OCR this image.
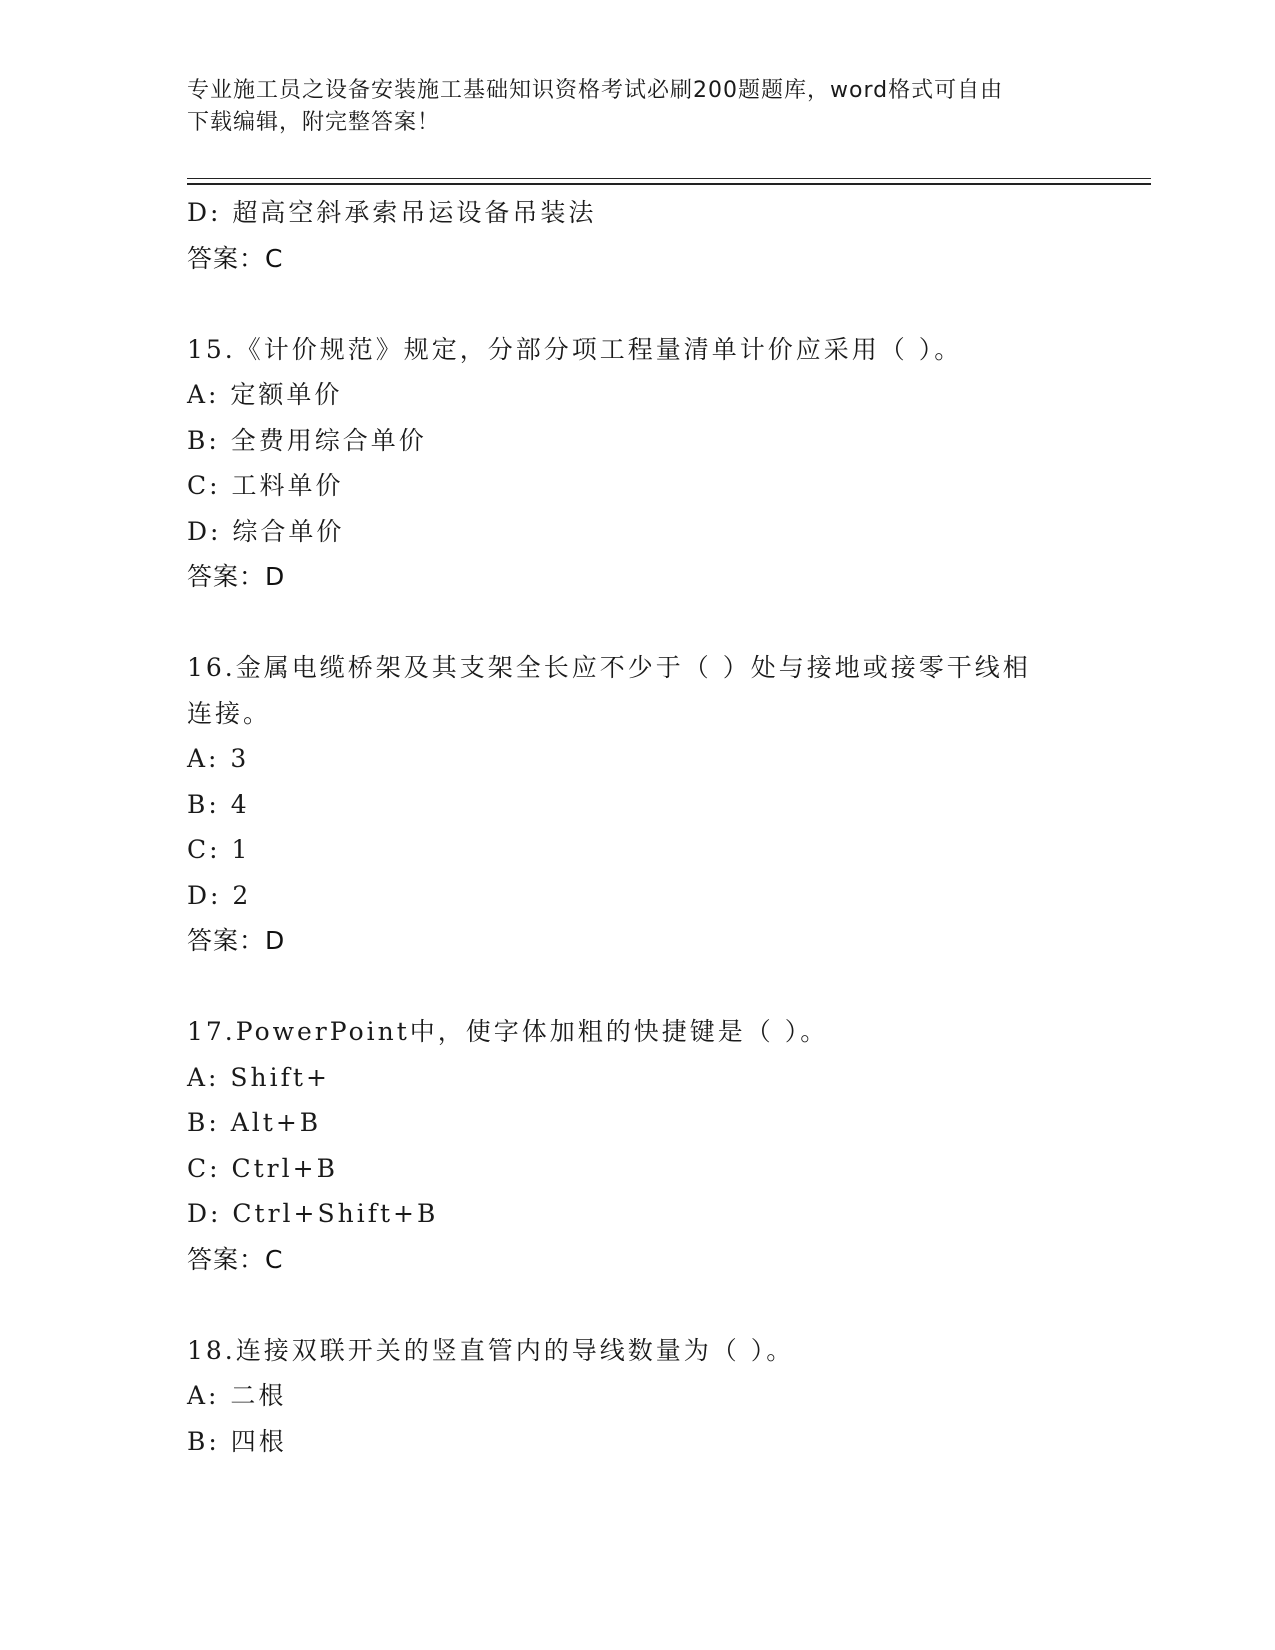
专业施工员之设备安装施工基础知识资格考试必刷200题题库，word格式可自由
下载编辑，附完整答案！
D: 超高空斜承索吊运设备吊装法
答案：C
15.《计价规范》规定，分部分项工程量清单计价应采用（ ）。
A: 定额单价
B: 全费用综合单价
C: 工料单价
D: 综合单价
答案：D
16.金属电缆桥架及其支架全长应不少于（ ）处与接地或接零干线相
连接。
A: 3
B: 4
C: 1
D: 2
答案：D
17.PowerPoint中，使字体加粗的快捷键是（ ）。
A: Shift+
B: Alt+B
C: Ctrl+B
D: Ctrl+Shift+B
答案：C
18.连接双联开关的竖直管内的导线数量为（ ）。
A: 二根
B: 四根
